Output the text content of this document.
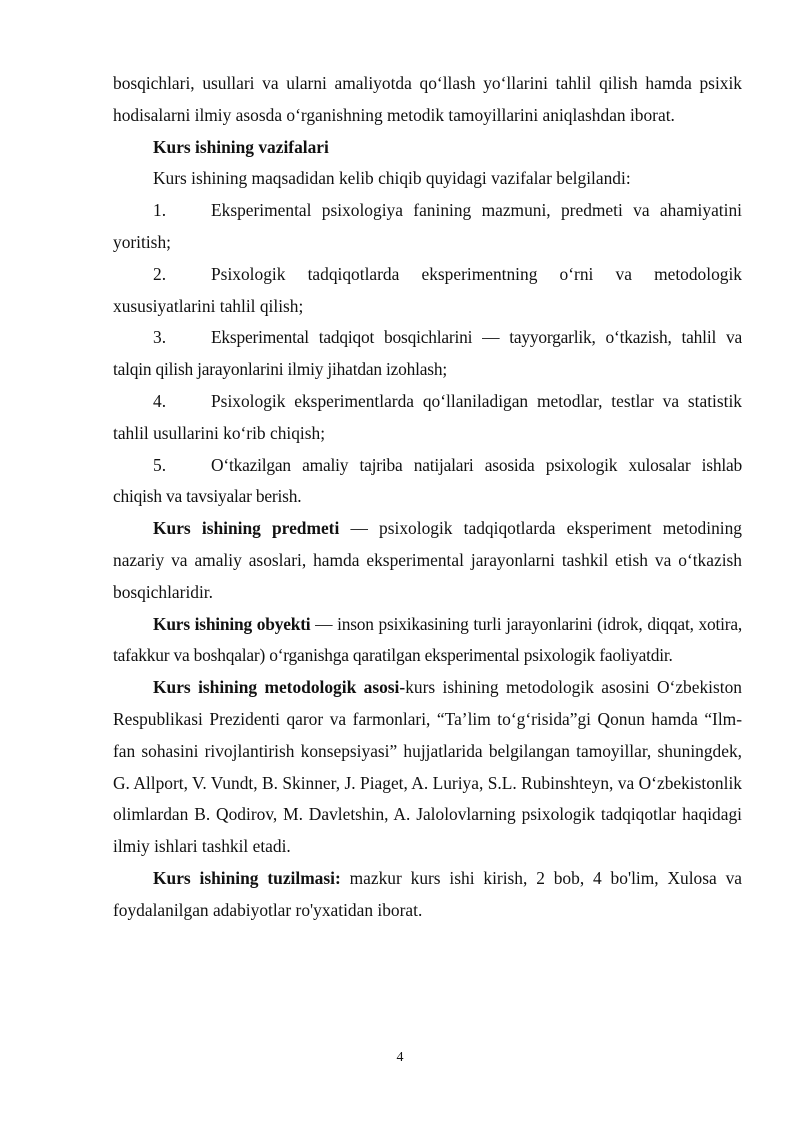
bosqichlari, usullari va ularni amaliyotda qo‘llash yo‘llarini tahlil qilish hamda psixik hodisalarni ilmiy asosda o‘rganishning metodik tamoyillarini aniqlashdan iborat.

Kurs ishining vazifalari

Kurs ishining maqsadidan kelib chiqib quyidagi vazifalar belgilandi:

1.	Eksperimental psixologiya fanining mazmuni, predmeti va ahamiyatini yoritish;
2.	Psixologik tadqiqotlarda eksperimentning o‘rni va metodologik xususiyatlarini tahlil qilish;
3.	Eksperimental tadqiqot bosqichlarini — tayyorgarlik, o‘tkazish, tahlil va talqin qilish jarayonlarini ilmiy jihatdan izohlash;
4.	Psixologik eksperimentlarda qo‘llaniladigan metodlar, testlar va statistik tahlil usullarini ko‘rib chiqish;
5.	O‘tkazilgan amaliy tajriba natijalari asosida psixologik xulosalar ishlab chiqish va tavsiyalar berish.

Kurs ishining predmeti — psixologik tadqiqotlarda eksperiment metodining nazariy va amaliy asoslari, hamda eksperimental jarayonlarni tashkil etish va o‘tkazish bosqichlaridir.

Kurs ishining obyekti — inson psixikasining turli jarayonlarini (idrok, diqqat, xotira, tafakkur va boshqalar) o‘rganishga qaratilgan eksperimental psixologik faoliyatdir.

Kurs ishining metodologik asosi-kurs ishining metodologik asosini O‘zbekiston Respublikasi Prezidenti qaror va farmonlari, “Ta’lim to‘g‘risida”gi Qonun hamda “Ilm-fan sohasini rivojlantirish konsepsiyasi” hujjatlarida belgilangan tamoyillar, shuningdek, G. Allport, V. Vundt, B. Skinner, J. Piaget, A. Luriya, S.L. Rubinshteyn, va O‘zbekistonlik olimlardan B. Qodirov, M. Davletshin, A. Jalolovlarning psixologik tadqiqotlar haqidagi ilmiy ishlari tashkil etadi.

Kurs ishining tuzilmasi: mazkur kurs ishi kirish, 2 bob, 4 bo'lim, Xulosa va foydalanilgan adabiyotlar ro'yxatidan iborat.

4
